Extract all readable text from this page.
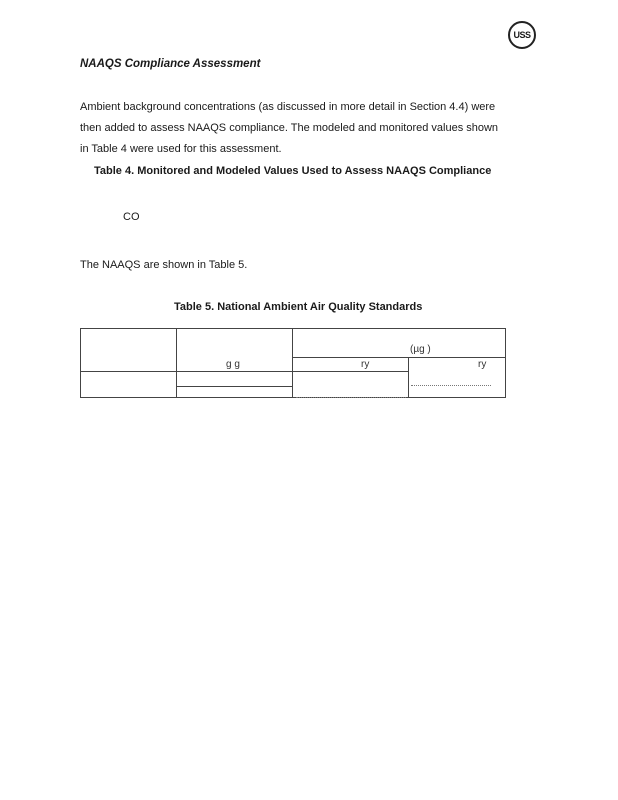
USS
NAAQS Compliance Assessment
Ambient background concentrations (as discussed in more detail in Section 4.4) were
then added to assess NAAQS compliance. The modeled and monitored values shown
in Table 4 were used for this assessment.
Table 4. Monitored and Modeled Values Used to Assess NAAQS Compliance
CO
The NAAQS are shown in Table 5.
Table 5. National Ambient Air Quality Standards
(µg )
g g	ry	ry
